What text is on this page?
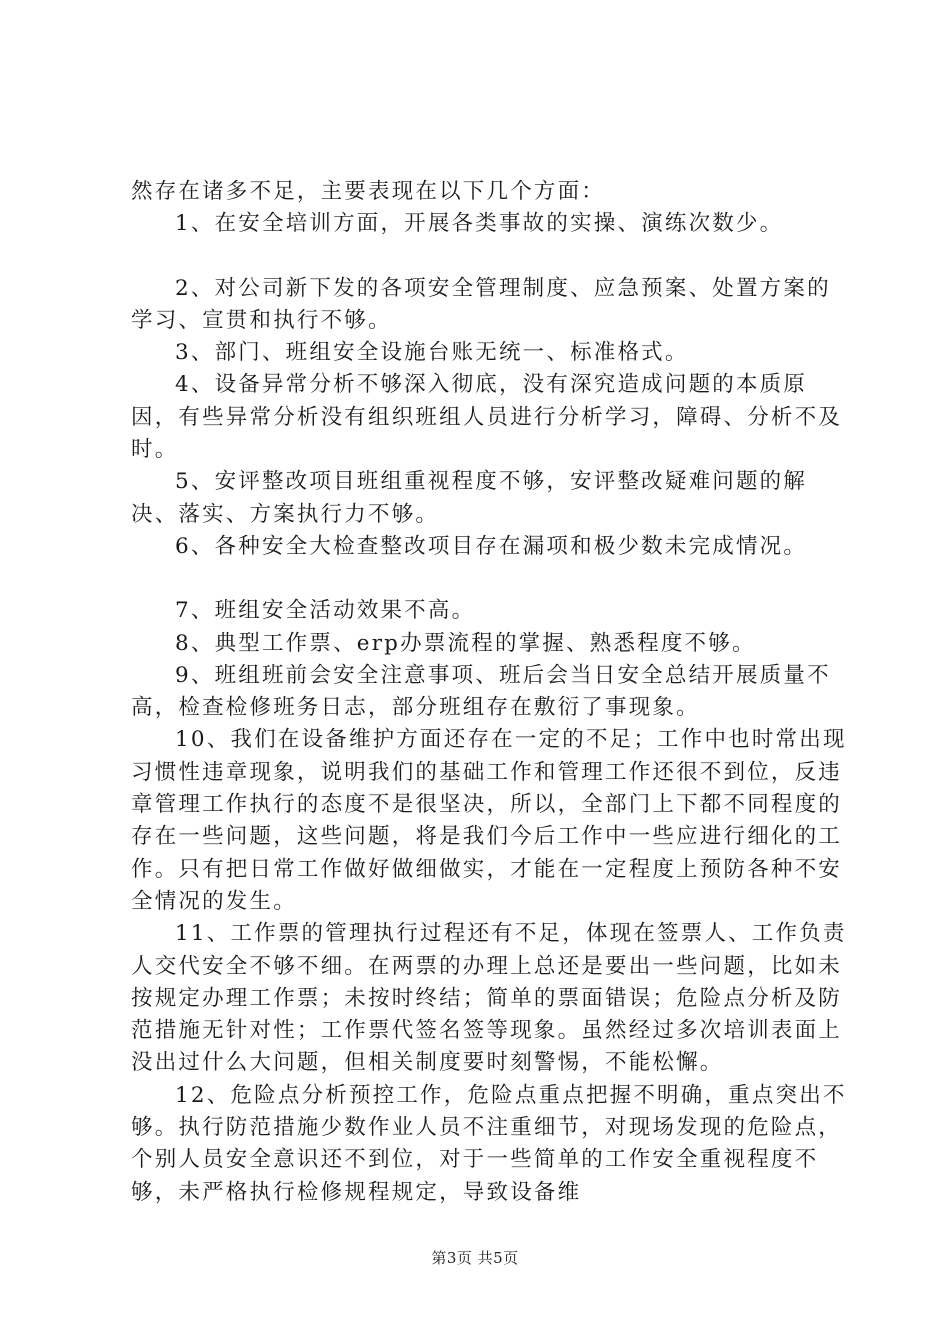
然存在诸多不足，主要表现在以下几个方面：

1、在安全培训方面，开展各类事故的实操、演练次数少。

2、对公司新下发的各项安全管理制度、应急预案、处置方案的学习、宣贯和执行不够。

3、部门、班组安全设施台账无统一、标准格式。

4、设备异常分析不够深入彻底，没有深究造成问题的本质原因，有些异常分析没有组织班组人员进行分析学习，障碍、分析不及时。

5、安评整改项目班组重视程度不够，安评整改疑难问题的解决、落实、方案执行力不够。

6、各种安全大检查整改项目存在漏项和极少数未完成情况。

7、班组安全活动效果不高。

8、典型工作票、erp办票流程的掌握、熟悉程度不够。

9、班组班前会安全注意事项、班后会当日安全总结开展质量不高，检查检修班务日志，部分班组存在敷衍了事现象。

10、我们在设备维护方面还存在一定的不足；工作中也时常出现习惯性违章现象，说明我们的基础工作和管理工作还很不到位，反违章管理工作执行的态度不是很坚决，所以，全部门上下都不同程度的存在一些问题，这些问题，将是我们今后工作中一些应进行细化的工作。只有把日常工作做好做细做实，才能在一定程度上预防各种不安全情况的发生。

11、工作票的管理执行过程还有不足，体现在签票人、工作负责人交代安全不够不细。在两票的办理上总还是要出一些问题，比如未按规定办理工作票；未按时终结；简单的票面错误；危险点分析及防范措施无针对性；工作票代签名签等现象。虽然经过多次培训表面上没出过什么大问题，但相关制度要时刻警惕，不能松懈。

12、危险点分析预控工作，危险点重点把握不明确，重点突出不够。执行防范措施少数作业人员不注重细节，对现场发现的危险点，个别人员安全意识还不到位，对于一些简单的工作安全重视程度不够，未严格执行检修规程规定，导致设备维

第3页 共5页
